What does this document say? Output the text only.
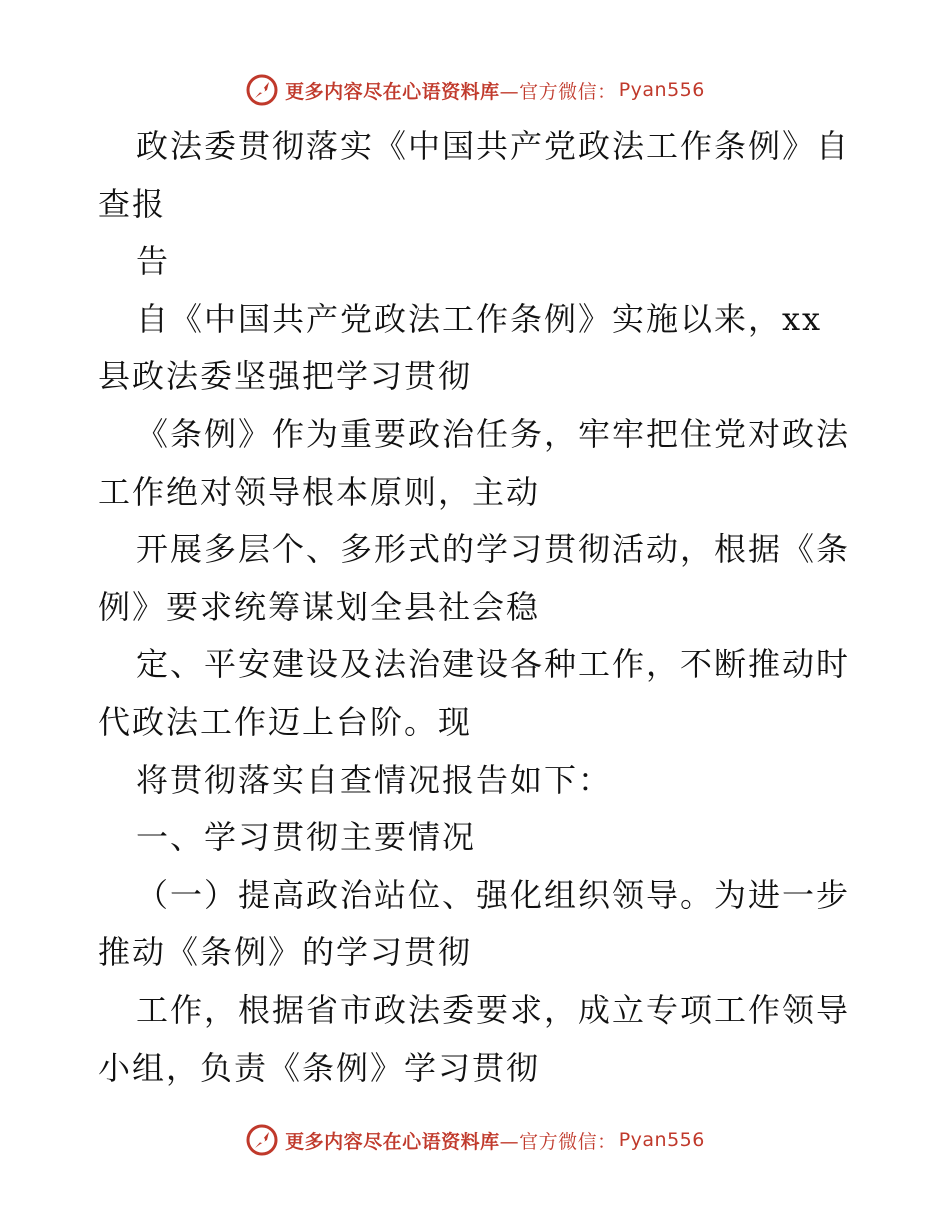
更多内容尽在心语资料库 —官方微信： Pyan556
政法委贯彻落实《中国共产党政法工作条例》自
查报
告
自《中国共产党政法工作条例》实施以来，xx
县政法委坚强把学习贯彻
《条例》作为重要政治任务，牢牢把住党对政法
工作绝对领导根本原则，主动
开展多层个、多形式的学习贯彻活动，根据《条
例》要求统筹谋划全县社会稳
定、平安建设及法治建设各种工作，不断推动时
代政法工作迈上台阶。现
将贯彻落实自查情况报告如下：
一、学习贯彻主要情况
（一）提高政治站位、强化组织领导。为进一步
推动《条例》的学习贯彻
工作，根据省市政法委要求，成立专项工作领导
小组，负责《条例》学习贯彻
更多内容尽在心语资料库 —官方微信： Pyan556
